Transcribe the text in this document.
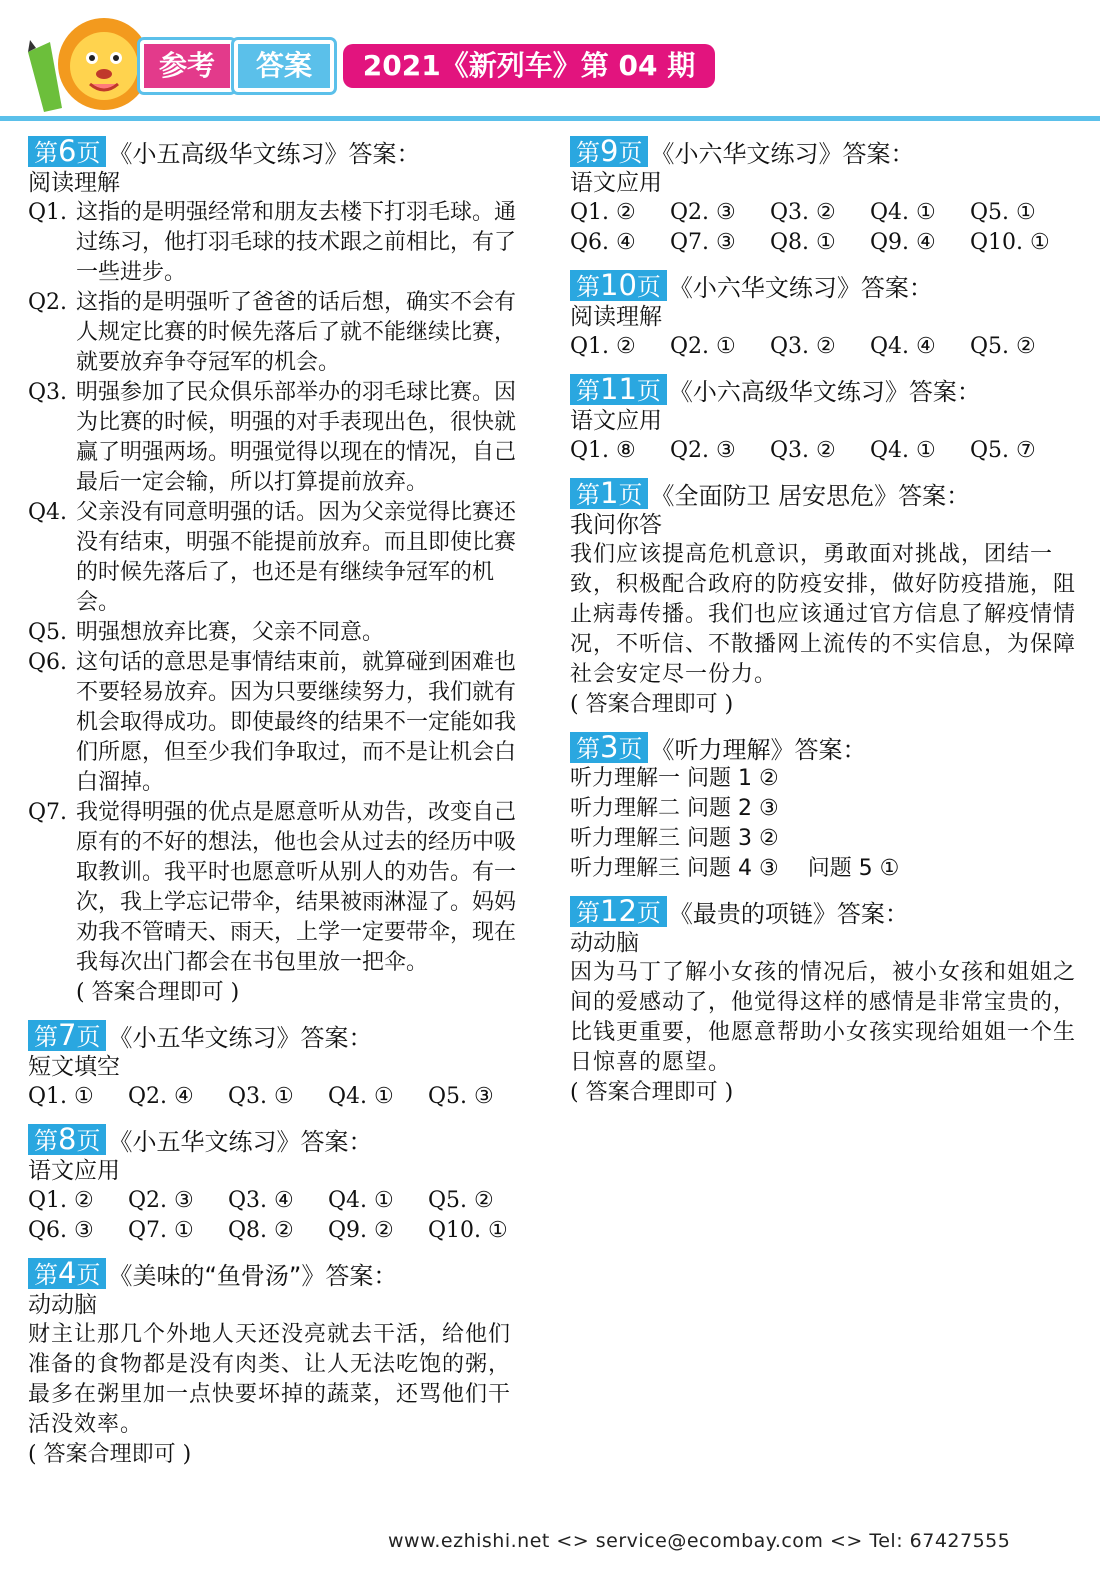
参考	答案	2021《新列车》第 04 期
第6页 《小五高级华文练习》答案：
阅读理解
Q1. 这指的是明强经常和朋友去楼下打羽毛球。通过练习，他打羽毛球的技术跟之前相比，有了一些进步。
Q2. 这指的是明强听了爸爸的话后想，确实不会有人规定比赛的时候先落后了就不能继续比赛，就要放弃争夺冠军的机会。
Q3. 明强参加了民众俱乐部举办的羽毛球比赛。因为比赛的时候，明强的对手表现出色，很快就赢了明强两场。明强觉得以现在的情况，自己最后一定会输，所以打算提前放弃。
Q4. 父亲没有同意明强的话。因为父亲觉得比赛还没有结束，明强不能提前放弃。而且即使比赛的时候先落后了，也还是有继续争冠军的机会。
Q5. 明强想放弃比赛，父亲不同意。
Q6. 这句话的意思是事情结束前，就算碰到困难也不要轻易放弃。因为只要继续努力，我们就有机会取得成功。即使最终的结果不一定能如我们所愿，但至少我们争取过，而不是让机会白白溜掉。
Q7. 我觉得明强的优点是愿意听从劝告，改变自己原有的不好的想法，他也会从过去的经历中吸取教训。我平时也愿意听从别人的劝告。有一次，我上学忘记带伞，结果被雨淋湿了。妈妈劝我不管晴天、雨天，上学一定要带伞，现在我每次出门都会在书包里放一把伞。
( 答案合理即可 )
第7页 《小五华文练习》答案：
短文填空
Q1. ①	Q2. ④	Q3. ①	Q4. ①	Q5. ③
第8页 《小五华文练习》答案：
语文应用
Q1. ②	Q2. ③	Q3. ④	Q4. ①	Q5. ②
Q6. ③	Q7. ①	Q8. ②	Q9. ②	Q10. ①
第4页 《美味的“鱼骨汤”》答案：
动动脑
财主让那几个外地人天还没亮就去干活，给他们准备的食物都是没有肉类、让人无法吃饱的粥，最多在粥里加一点快要坏掉的蔬菜，还骂他们干活没效率。
( 答案合理即可 )
第9页 《小六华文练习》答案：
语文应用
Q1. ②	Q2. ③	Q3. ②	Q4. ①	Q5. ①
Q6. ④	Q7. ③	Q8. ①	Q9. ④	Q10. ①
第10页 《小六华文练习》答案：
阅读理解
Q1. ②	Q2. ①	Q3. ②	Q4. ④	Q5. ②
第11页 《小六高级华文练习》答案：
语文应用
Q1. ⑧	Q2. ③	Q3. ②	Q4. ①	Q5. ⑦
第1页 《全面防卫 居安思危》答案：
我问你答
我们应该提高危机意识，勇敢面对挑战，团结一致，积极配合政府的防疫安排，做好防疫措施，阻止病毒传播。我们也应该通过官方信息了解疫情情况，不听信、不散播网上流传的不实信息，为保障社会安定尽一份力。
( 答案合理即可 )
第3页 《听力理解》答案：
听力理解一 问题 1 ②
听力理解二 问题 2 ③
听力理解三 问题 3 ②
听力理解三 问题 4 ③　 问题 5 ①
第12页 《最贵的项链》答案：
动动脑
因为马丁了解小女孩的情况后，被小女孩和姐姐之间的爱感动了，他觉得这样的感情是非常宝贵的，比钱更重要，他愿意帮助小女孩实现给姐姐一个生日惊喜的愿望。
( 答案合理即可 )
www.ezhishi.net <> service@ecombay.com <> Tel: 67427555
